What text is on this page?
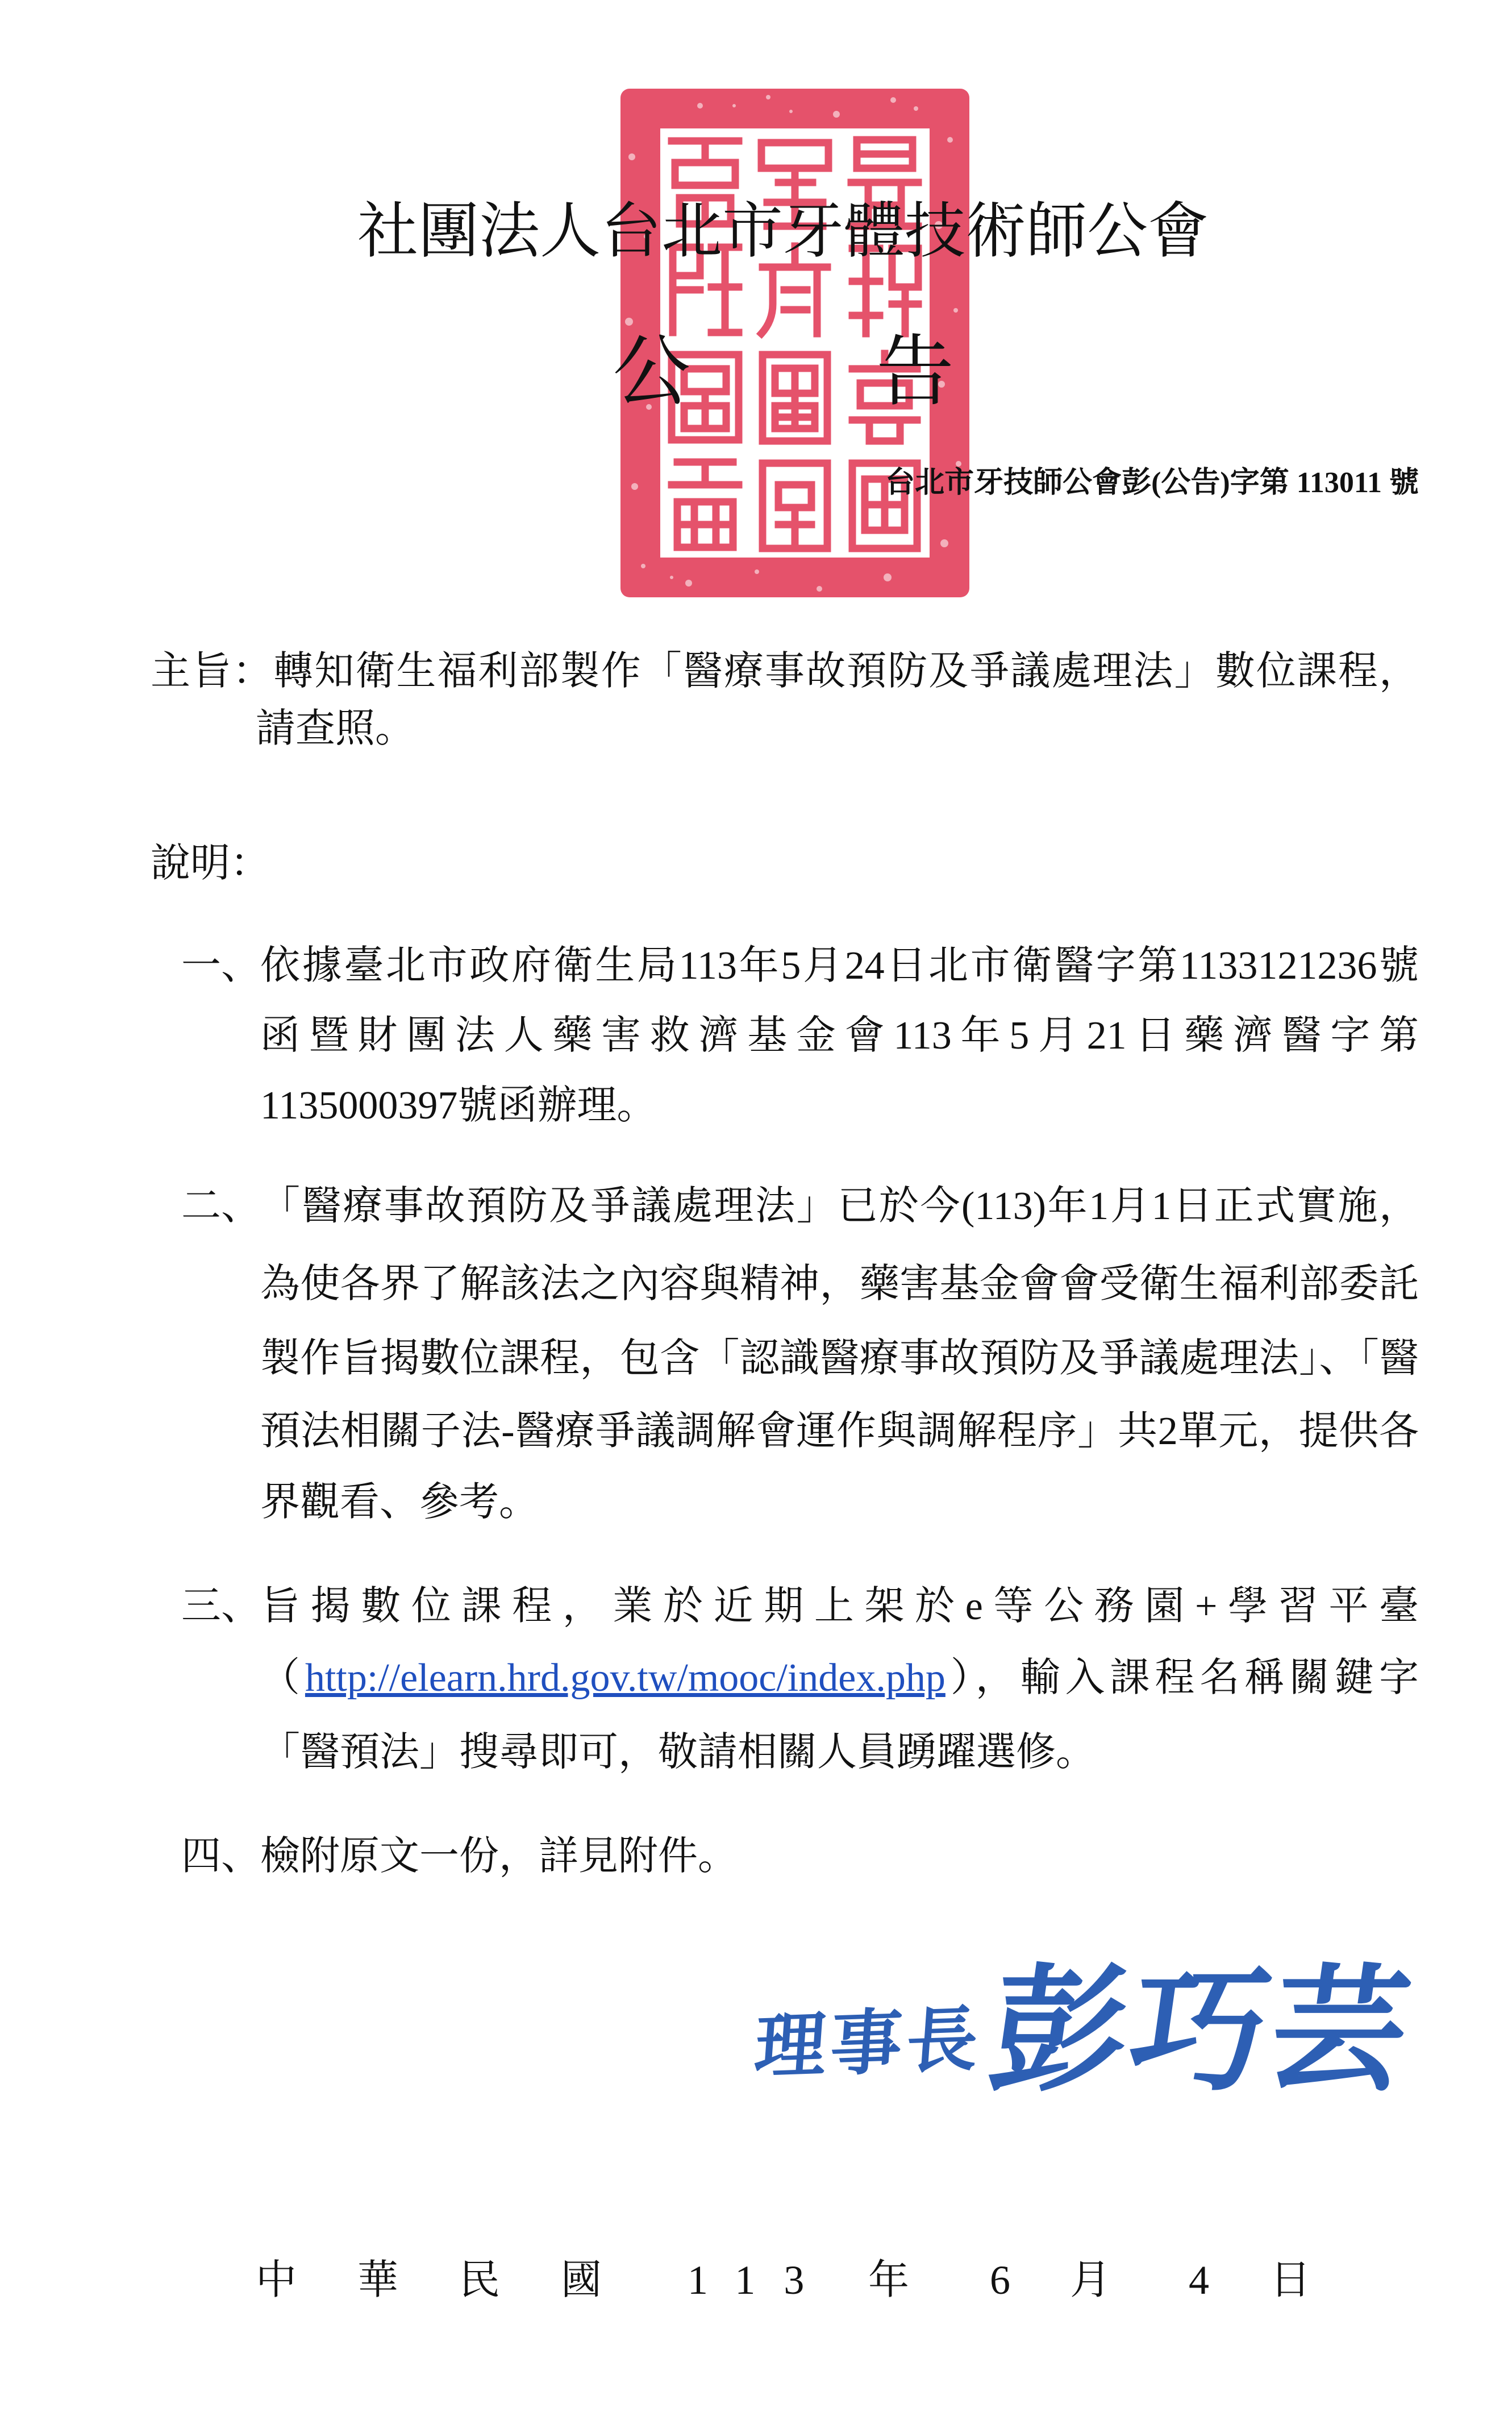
社團法人台北市牙體技術師公會
公 告
台北市牙技師公會彭(公告)字第 113011 號
主旨：轉知衛生福利部製作「醫療事故預防及爭議處理法」數位課程，
請查照。
說明：
一、 依據臺北市政府衛生局113年5月24日北市衛醫字第1133121236號
函暨財團法人藥害救濟基金會113年5月21日藥濟醫字第
1135000397號函辦理。
二、 「醫療事故預防及爭議處理法」已於今(113)年1月1日正式實施，
為使各界了解該法之內容與精神，藥害基金會會受衛生福利部委託
製作旨揭數位課程，包含「認識醫療事故預防及爭議處理法」、「醫
預法相關子法-醫療爭議調解會運作與調解程序」共2單元，提供各
界觀看、參考。
三、 旨揭數位課程，業於近期上架於e等公務園+學習平臺
（http://elearn.hrd.gov.tw/mooc/index.php），輸入課程名稱關鍵字
「醫預法」搜尋即可，敬請相關人員踴躍選修。
四、 檢附原文一份，詳見附件。
理事長
彭巧芸
中華民國 113 年 6 月 4 日
